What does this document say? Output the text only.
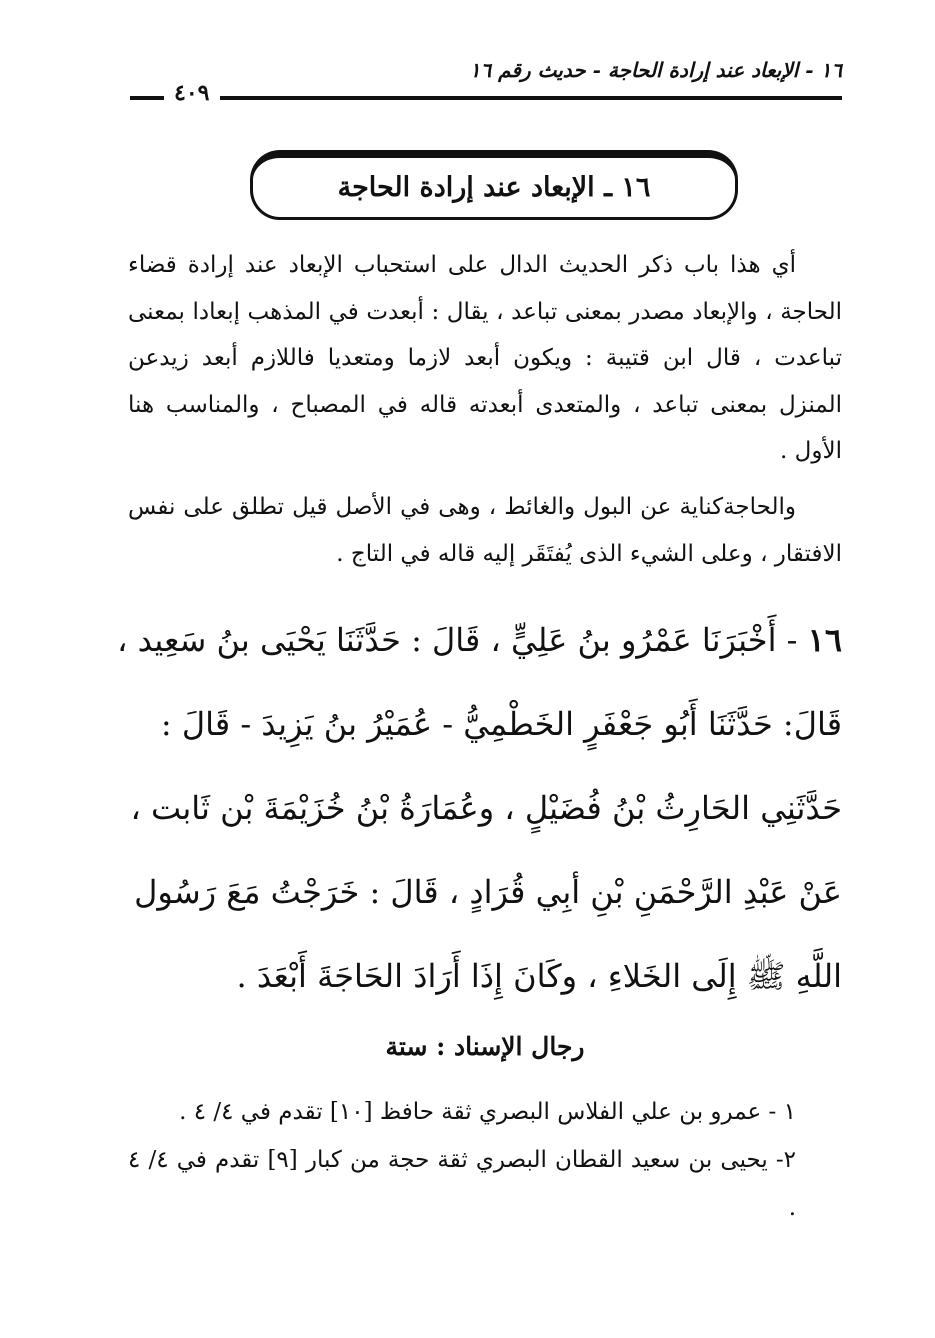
١٦ - الإبعاد عند إرادة الحاجة - حديث رقم ١٦
٤٠٩
١٦ ـ الإبعاد عند إرادة الحاجة

أي هذا باب ذكر الحديث الدال على استحباب الإبعاد عند إرادة قضاء الحاجة ، والإبعاد مصدر بمعنى تباعد ، يقال : أبعدت في المذهب إبعادا بمعنى تباعدت ، قال ابن قتيبة : ويكون أبعد لازما ومتعديا فاللازم أبعد زيدعن المنزل بمعنى تباعد ، والمتعدى أبعدته قاله في المصباح ، والمناسب هنا الأول .

والحاجةكناية عن البول والغائط ، وهى في الأصل قيل تطلق على نفس الافتقار ، وعلى الشيء الذى يُفتَقَر إليه قاله في التاج .

١٦ - أَخْبَرَنَا عَمْرُو بنُ عَلِيٍّ ، قَالَ : حَدَّثَنَا يَحْيَى بنُ سَعِيد ،
قَالَ: حَدَّثَنَا أَبُو جَعْفَرٍ الخَطْمِيُّ - عُمَيْرُ بنُ يَزِيدَ - قَالَ :
حَدَّثَنِي الحَارِثُ بْنُ فُضَيْلٍ ، وعُمَارَةُ بْنُ خُزَيْمَةَ بْن ثَابت ،
عَنْ عَبْدِ الرَّحْمَنِ بْنِ أبِي قُرَادٍ ، قَالَ : خَرَجْتُ مَعَ رَسُول
اللَّهِ ﷺ إِلَى الخَلاءِ ، وكَانَ إِذَا أَرَادَ الحَاجَةَ أَبْعَدَ .
رجال الإسناد : ستة
١ - عمرو بن علي الفلاس البصري ثقة حافظ [١٠] تقدم في ٤/ ٤ .
٢- يحيى بن سعيد القطان البصري ثقة حجة من كبار [٩] تقدم في ٤/ ٤ .
